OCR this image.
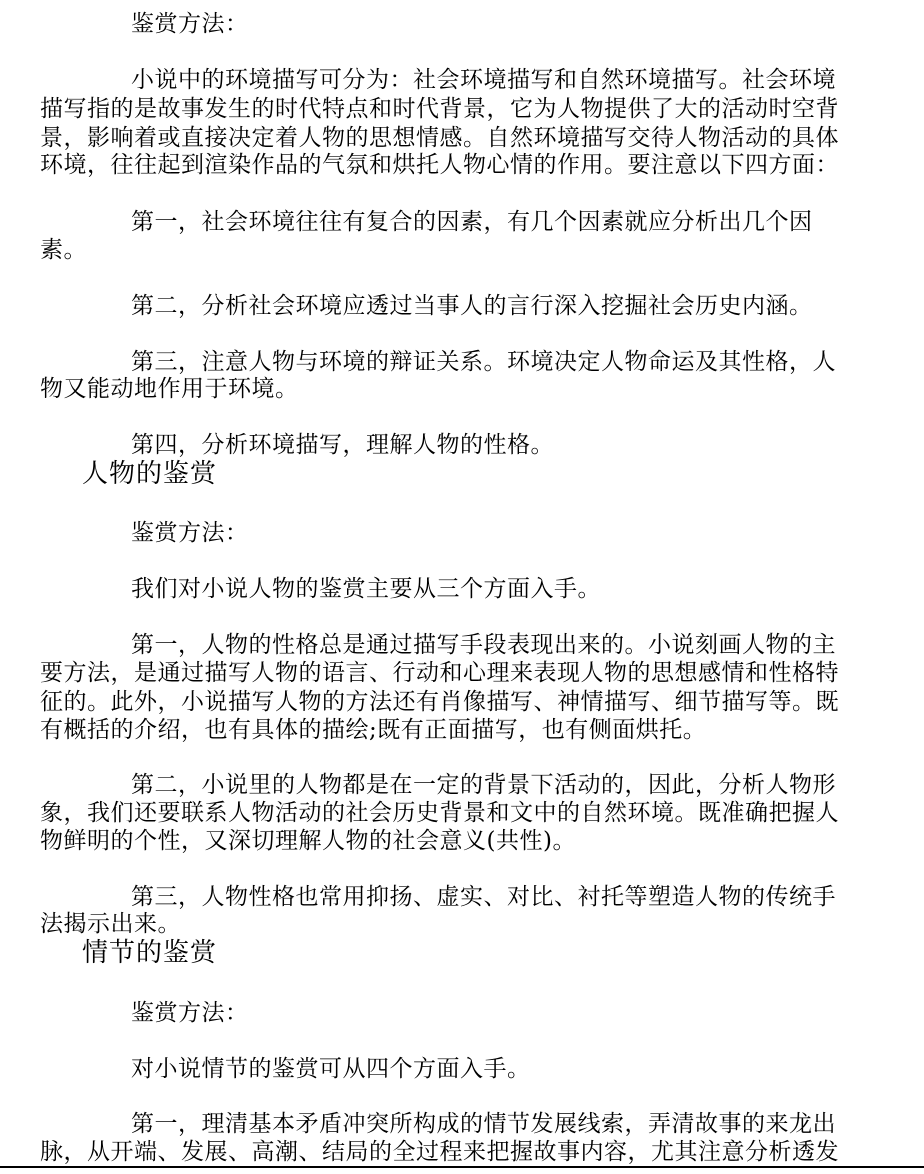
鉴赏方法：
小说中的环境描写可分为：社会环境描写和自然环境描写。社会环境
描写指的是故事发生的时代特点和时代背景，它为人物提供了大的活动时空背
景，影响着或直接决定着人物的思想情感。自然环境描写交待人物活动的具体
环境，往往起到渲染作品的气氛和烘托人物心情的作用。要注意以下四方面：
第一，社会环境往往有复合的因素，有几个因素就应分析出几个因
素。
第二，分析社会环境应透过当事人的言行深入挖掘社会历史内涵。
第三，注意人物与环境的辩证关系。环境决定人物命运及其性格，人
物又能动地作用于环境。
第四，分析环境描写，理解人物的性格。
人物的鉴赏
鉴赏方法：
我们对小说人物的鉴赏主要从三个方面入手。
第一，人物的性格总是通过描写手段表现出来的。小说刻画人物的主
要方法，是通过描写人物的语言、行动和心理来表现人物的思想感情和性格特
征的。此外，小说描写人物的方法还有肖像描写、神情描写、细节描写等。既
有概括的介绍，也有具体的描绘;既有正面描写，也有侧面烘托。
第二，小说里的人物都是在一定的背景下活动的，因此，分析人物形
象，我们还要联系人物活动的社会历史背景和文中的自然环境。既准确把握人
物鲜明的个性，又深切理解人物的社会意义(共性)。
第三，人物性格也常用抑扬、虚实、对比、衬托等塑造人物的传统手
法揭示出来。
情节的鉴赏
鉴赏方法：
对小说情节的鉴赏可从四个方面入手。
第一，理清基本矛盾冲突所构成的情节发展线索，弄清故事的来龙出
脉，从开端、发展、高潮、结局的全过程来把握故事内容，尤其注意分析透发
